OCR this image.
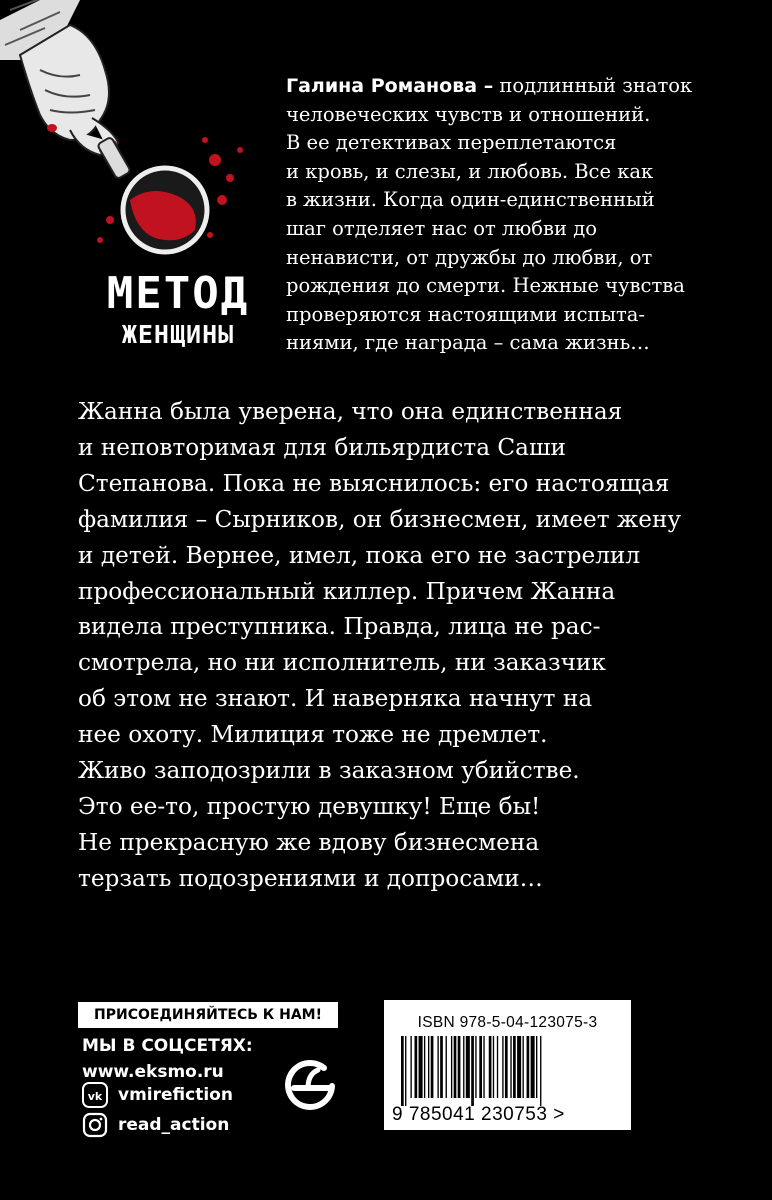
МЕТОД
ЖЕНЩИНЫ
Галина Романова – подлинный знаток
человеческих чувств и отношений.
В ее детективах переплетаются
и кровь, и слезы, и любовь. Все как
в жизни. Когда один-единственный
шаг отделяет нас от любви до
ненависти, от дружбы до любви, от
рождения до смерти. Нежные чувства
проверяются настоящими испыта-
ниями, где награда – сама жизнь…
Жанна была уверена, что она единственная
и неповторимая для бильярдиста Саши
Степанова. Пока не выяснилось: его настоящая
фамилия – Сырников, он бизнесмен, имеет жену
и детей. Вернее, имел, пока его не застрелил
профессиональный киллер. Причем Жанна
видела преступника. Правда, лица не рас-
смотрела, но ни исполнитель, ни заказчик
об этом не знают. И наверняка начнут на
нее охоту. Милиция тоже не дремлет.
Живо заподозрили в заказном убийстве.
Это ее-то, простую девушку! Еще бы!
Не прекрасную же вдову бизнесмена
терзать подозрениями и допросами…
ПРИСОЕДИНЯЙТЕСЬ К НАМ!
МЫ В СОЦСЕТЯХ:
www.eksmo.ru
vk vmirefiction
read_action
ISBN 978-5-04-123075-3
9 785041 230753 >
